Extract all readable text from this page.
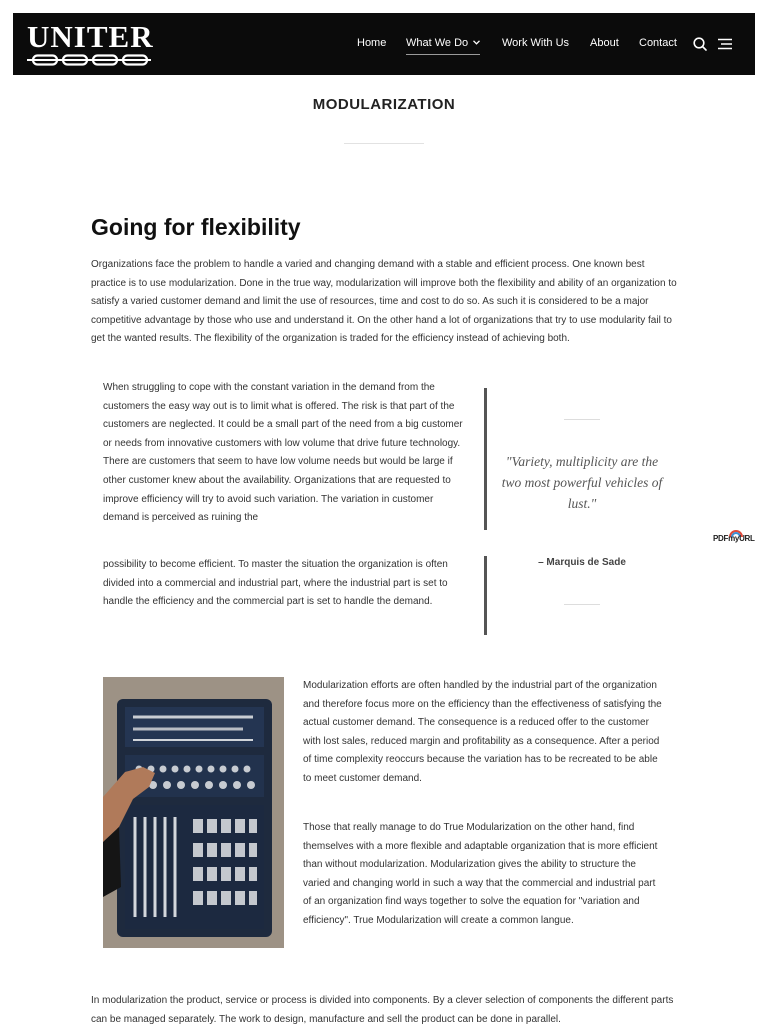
UNITER	Home What We Do	Work With Us About Contact
MODULARIZATION
Going for flexibility
Organizations face the problem to handle a varied and changing demand with a stable and efficient process. One known best practice is to use modularization. Done in the true way, modularization will improve both the flexibility and ability of an organization to satisfy a varied customer demand and limit the use of resources, time and cost to do so. As such it is considered to be a major competitive advantage by those who use and understand it. On the other hand a lot of organizations that try to use modularity fail to get the wanted results. The flexibility of the organization is traded for the efficiency instead of achieving both.
When struggling to cope with the constant variation in the demand from the customers the easy way out is to limit what is offered. The risk is that part of the customers are neglected. It could be a small part of the need from a big customer or needs from innovative customers with low volume that drive future technology. There are customers that seem to have low volume needs but would be large if other customer knew about the availability. Organizations that are requested to improve efficiency will try to avoid such variation. The variation in customer demand is perceived as ruining the
possibility to become efficient. To master the situation the organization is often divided into a commercial and industrial part, where the industrial part is set to handle the efficiency and the commercial part is set to handle the demand.
"Variety, multiplicity are the two most powerful vehicles of lust."
– Marquis de Sade
PDFmyURL
Modularization efforts are often handled by the industrial part of the organization and therefore focus more on the efficiency than the effectiveness of satisfying the actual customer demand. The consequence is a reduced offer to the customer with lost sales, reduced margin and profitability as a consequence. After a period of time complexity reoccurs because the variation has to be recreated to be able to meet customer demand.
Those that really manage to do True Modularization on the other hand, find themselves with a more flexible and adaptable organization that is more efficient than without modularization. Modularization gives the ability to structure the varied and changing world in such a way that the commercial and industrial part of an organization find ways together to solve the equation for "variation and efficiency". True Modularization will create a common langue.
In modularization the product, service or process is divided into components. By a clever selection of components the different parts can be managed separately. The work to design, manufacture and sell the product can be done in parallel.
